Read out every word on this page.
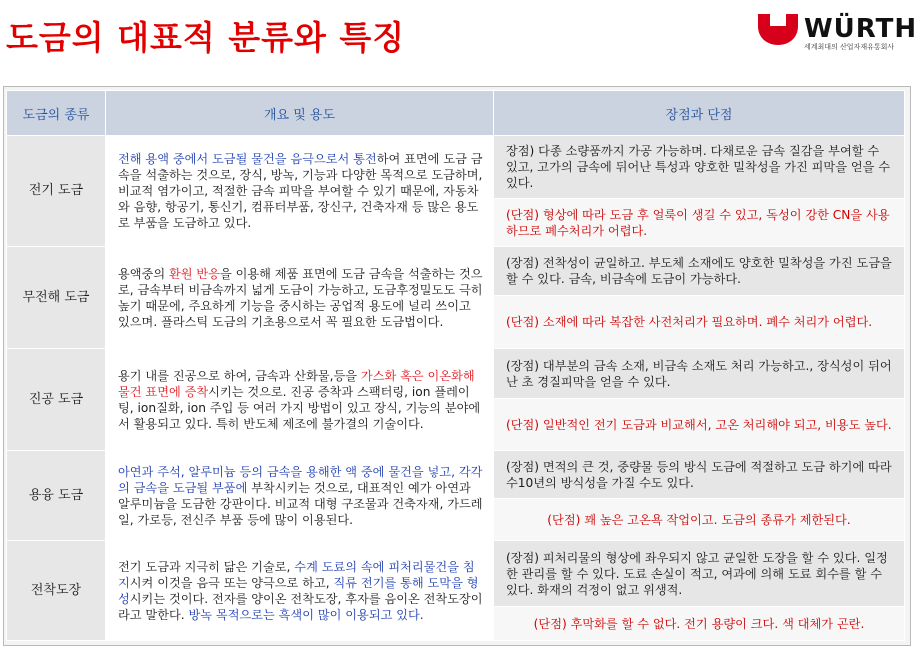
도금의 대표적 분류와 특징	WÜRTH
세계최대의 산업자재유통회사
도금의 종류	개요 및 용도	장점과 단점
전기 도금	전해 용액 중에서 도금될 물건을 음극으로서 통전하여 표면에 도금 금속을 석출하는 것으로, 장식, 방녹, 기능과 다양한 목적으로 도금하며, 비교적 염가이고, 적절한 금속 피막을 부여할 수 있기 때문에, 자동차와 음향, 항공기, 통신기, 컴퓨터부품, 장신구, 건축자재 등 많은 용도로 부품을 도금하고 있다.	장점) 다종 소량품까지 가공 가능하며. 다채로운 금속 질감을 부여할 수 있고, 고가의 금속에 뒤어난 특성과 양호한 밀착성을 가진 피막을 얻을 수 있다.
		(단점) 형상에 따라 도금 후 얼룩이 생길 수 있고, 독성이 강한 CN을 사용하므로 폐수처리가 어렵다.
무전해 도금	용액중의 환원 반응을 이용해 제품 표면에 도금 금속을 석출하는 것으로, 금속부터 비금속까지 넓게 도금이 가능하고, 도금후정밀도도 극히 높기 때문에, 주요하게 기능을 중시하는 공업적 용도에 널리 쓰이고 있으며. 플라스틱 도금의 기초용으로서 꼭 필요한 도금법이다.	(장점) 전착성이 균일하고. 부도체 소재에도 양호한 밀착성을 가진 도금을 할 수 있다. 금속, 비금속에 도금이 가능하다.
		(단점) 소재에 따라 복잡한 사전처리가 필요하며. 폐수 처리가 어렵다.
진공 도금	용기 내를 진공으로 하여, 금속과 산화물,등을 가스화 혹은 이온화해 물건 표면에 증착시키는 것으로. 진공 증착과 스팩터링, ion 플레이팅, ion질화, ion 주입 등 여러 가지 방법이 있고 장식, 기능의 분야에서 활용되고 있다. 특히 반도체 제조에 불가결의 기술이다.	(장점) 대부분의 금속 소재, 비금속 소재도 처리 가능하고., 장식성이 뒤어난 초 경질피막을 얻을 수 있다.
		(단점) 일반적인 전기 도금과 비교해서, 고온 처리해야 되고, 비용도 높다.
용융 도금	아연과 주석, 알루미늄 등의 금속을 용해한 액 중에 물건을 넣고, 각각의 금속을 도금될 부품에 부착시키는 것으로, 대표적인 예가 아연과 알루미늄을 도금한 강판이다. 비교적 대형 구조물과 건축자재, 가드레일, 가로등, 전신주 부품 등에 많이 이용된다.	(장점) 면적의 큰 것, 중량물 등의 방식 도금에 적절하고 도금 하기에 따라 수10년의 방식성을 가질 수도 있다.
		(단점) 꽤 높은 고온욕 작업이고. 도금의 종류가 제한된다.
전착도장	전기 도금과 지극히 닮은 기술로, 수계 도료의 속에 피처리물건을 침지시켜 이것을 음극 또는 양극으로 하고, 직류 전기를 통해 도막을 형성시키는 것이다. 전자를 양이온 전착도장, 후자를 음이온 전착도장이라고 말한다. 방녹 목적으로는 흑색이 많이 이용되고 있다.	(장점) 피처리물의 형상에 좌우되지 않고 균일한 도장을 할 수 있다. 일정한 관리를 할 수 있다. 도료 손실이 적고, 여과에 의해 도료 회수를 할 수 있다. 화재의 걱정이 없고 위생적.
		(단점) 후막화를 할 수 없다. 전기 용량이 크다. 색 대체가 곤란.
